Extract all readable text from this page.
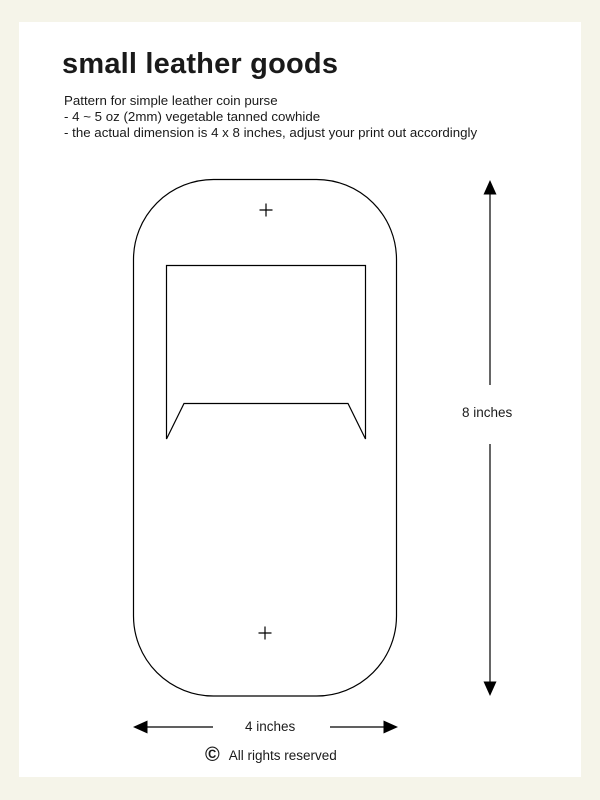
small leather goods
Pattern for simple leather coin purse
- 4 ~ 5 oz (2mm) vegetable tanned cowhide
- the actual dimension is 4 x 8 inches, adjust your print out accordingly
8 inches
4 inches
© All rights reserved
